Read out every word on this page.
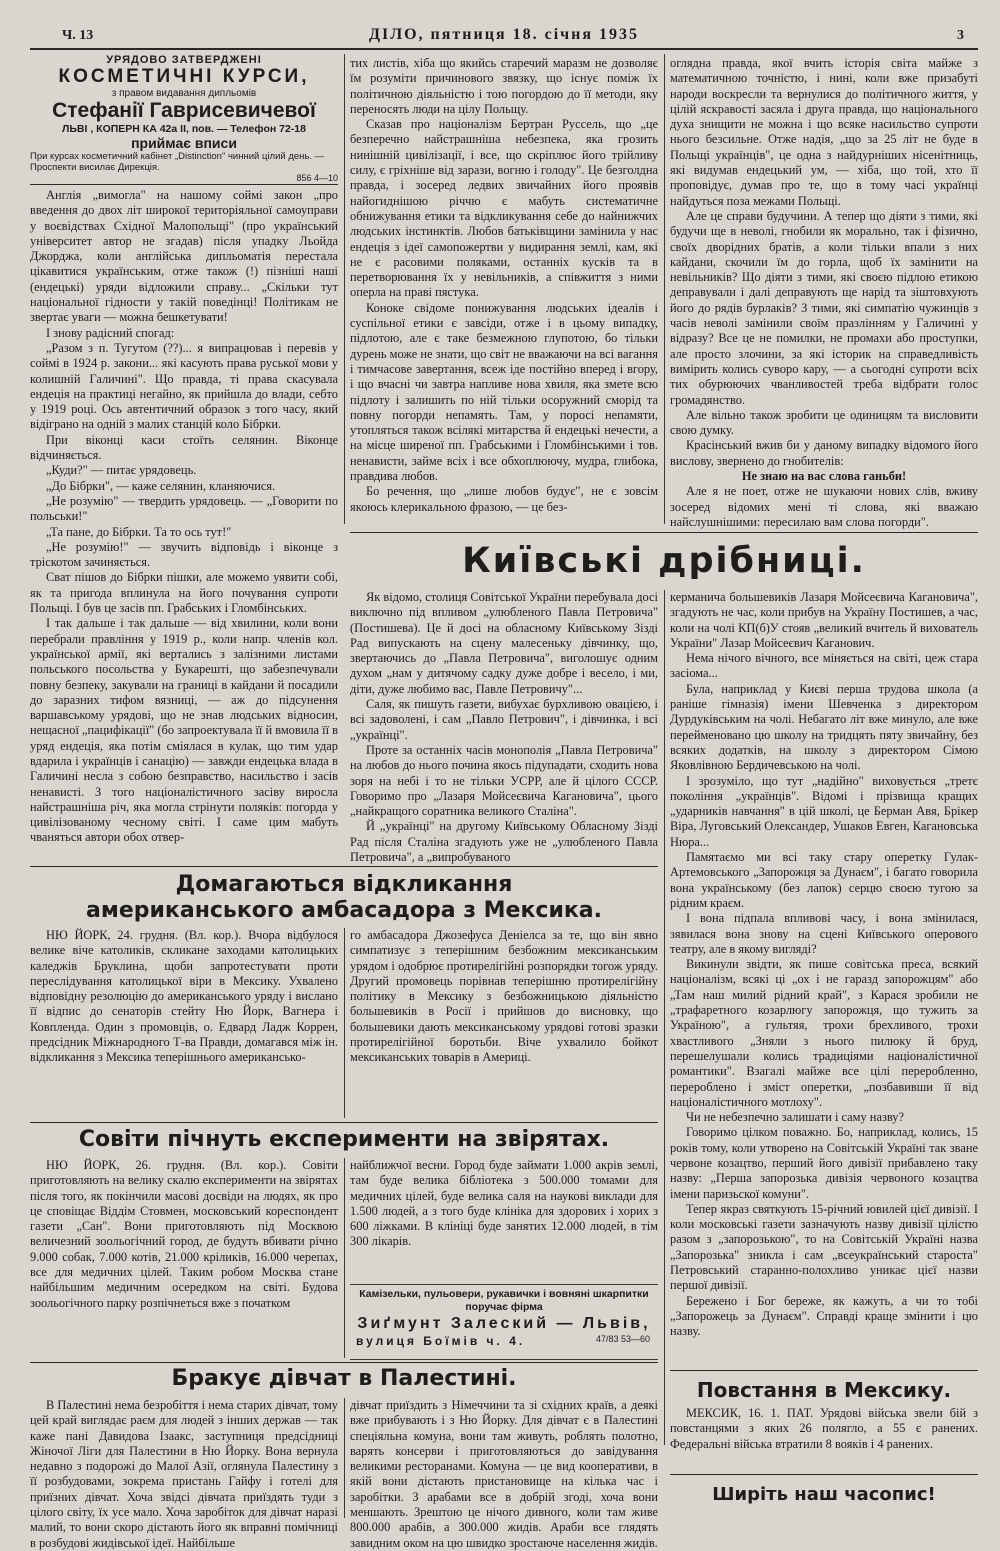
Ч. 13	ДІЛО, пятниця 18. січня 1935	3
УРЯДОВО ЗАТВЕРДЖЕНІ
КОСМЕТИЧНІ КУРСИ,
з правом видавання дипльомів
Стефанії Гаврисевичевої
ЛЬВІ , КОПЕРН КА 42а II, пов. — Телефон 72-18
приймає вписи
При курсах косметичний кабінет „Distinction" чинний цілий день. — Проспекти висилає Дирекція.
856 4—10

Англія „вимогла" на нашому соймі закон „про введення до двох літ широкої територіяльної самоуправи у воєвідствах Східної Малопольщі" (про український університет автор не згадав) після упадку Льойда Джорджа, коли англійська дипльоматія перестала цікавитися українським, отже також (!) пізніші наші (ендецькі) уряди відложили справу... „Скільки тут національної гідности у такій поведінці! Політикам не звертає уваги — можна бешкетувати!

І знову радісний спогад:

„Разом з п. Тугутом (??)... я випрацював і перевів у соймі в 1924 р. закони... які касують права руської мови у колишній Галичині". Що правда, ті права скасувала ендеція на практиці негайно, як прийшла до влади, себто у 1919 році. Ось автентичний образок з того часу, який відіграно на одній з малих станцій коло Бібрки.

При віконці каси стоїть селянин. Віконце відчиняється.

„Куди?" — питає урядовець.

„До Бібрки", — каже селянин, кланяючися.

„Не розумію" — твердить урядовець. — „Говорити по польськи!"

„Та пане, до Бібрки. Та то ось тут!"

„Не розумію!" — звучить відповідь і віконце з тріскотом зачиняється.

Сват пішов до Бібрки пішки, але можемо уявити собі, як та пригода вплинула на його почування супроти Польщі. І був це засів пп. Грабських і Гломбінських.

І так дальше і так дальше — від хвилини, коли вони перебрали правління у 1919 р., коли напр. членів кол. української армії, які вертались з залізними листами польського посольства у Букарешті, що забезпечували повну безпеку, закували на границі в кайдани й посадили до заразних тифом вязниці, — аж до підсунення варшавському урядові, що не знав людських відносин, нещасної „пацифікації" (бо запроектувала її й вмовила її в уряд ендеція, яка потім сміялася в кулак, що тим удар вдарила і українців і санацію) — завжди ендецька влада в Галичині несла з собою безправство, насильство і засів ненависті. З того націоналістичного засіву виросла найстрашніша річ, яка могла стрінути поляків: погорда у цивілізованому чесному світі. І саме цим мабуть чваняться автори обох отвер-

тих листів, хіба що якийсь старечий маразм не дозволяє їм розуміти причинового звязку, що існує поміж їх політичною діяльністю і тою погордою до її методи, яку переносять люди на цілу Польщу.

Сказав про націоналізм Бертран Руссель, що „це безперечно найстрашніша небезпека, яка грозить нинішній цивілізації, і все, що скріплює його трійливу силу, є гріхніше від зарази, вогню і голоду". Це безголдна правда, і зосеред ледвих звичайних його проявів найогиднішою річчю є мабуть систематичне обнижування етики та відкликування себе до найнижчих людських інстинктів. Любов батьківщини замінила у нас ендеція з ідеї самопожертви у видирання землі, кам, які не є расовими поляками, останніх кусків та в перетворювання їх у невільників, а співжиття з ними оперла на праві пястука.

Коноке свідоме понижування людських ідеалів і суспільної етики є завсіди, отже і в цьому випадку, підлотою, але є таке безмежною глупотою, бо тільки дурень може не знати, що світ не вважаючи на всі вагання і тимчасове завертання, всеж іде постійно вперед і вгору, і що вчасні чи завтра напливе нова хвиля, яка змете всю підлоту і залишить по ній тільки осоружний сморід та повну погорди непамять. Там, у поросі непамяти, утопляться також всілякі митарства й ендецькі нечести, а на місце ширеної пп. Грабськими і Гломбінськими і тов. ненависти, займе всіх і все обхоплюючу, мудра, глибока, правдива любов.

Бо речення, що „лише любов будує", не є зовсім якоюсь клерикальною фразою, — це без-

оглядна правда, якої вчить історія світа майже з математичною точністю, і нині, коли вже призабуті народи воскресли та вернулися до політичного життя, у цілій яскравості засяла і друга правда, що національного духа знищити не можна і що всяке насильство супроти нього безсильне. Отже надія, „що за 25 літ не буде в Польщі українців", це одна з найдурніших нісенітниць, які видумав ендецький ум, — хіба, що той, хто її проповідує, думав про те, що в тому часі українці найдуться поза межами Польщі.

Але це справи будучини. А тепер що діяти з тими, які будучи ще в неволі, гнобили як морально, так і фізично, своїх дворідних братів, а коли тільки впали з них кайдани, скочили їм до горла, щоб їх замінити на невільників? Що діяти з тими, які своєю підлою етикою деправували і далі деправують ще нарід та зіштовхують його до рядів бурлаків? З тими, які симпатію чужинців з часів неволі замінили своїм празлінням у Галичині у відразу? Все це не помилки, не промахи або проступки, але просто злочини, за які історик на справедливість вимірить колись суворо кару, — а сьогодні супроти всіх тих обурюючих чванливостей треба відбрати голос громадянство.

Але вільно також зробити це одиницям та висловити свою думку.

Красінський вжив би у даному випадку відомого його вислову, звернено до гнобителів:

Не знаю на вас слова ганьби!

Але я не поет, отже не шукаючи нових слів, вживу зосеред відомих мені ті слова, які вважаю найслушнішими: пересилаю вам слова погорди".

Київські дрібниці.

Як відомо, столиця Совітської України перебувала досі виключно під впливом „улюбленого Павла Петровича" (Постишева). Це й досі на обласному Київському Зізді Рад випускають на сцену малесеньку дівчинку, що, звертаючись до „Павла Петровича", виголошує одним духом „нам у дитячому садку дуже добре і весело, і ми, діти, дуже любимо вас, Павле Петровичу"...

Саля, як пишуть газети, вибухає бурхливою овацією, і всі задоволені, і сам „Павло Петрович", і дівчинка, і всі „українці".

Проте за останніх часів монополія „Павла Петровича" на любов до нього почина якось підупадати, сходить нова зоря на небі і то не тільки УСРР, але й цілого СССР. Говоримо про „Лазаря Мойсеєвича Кагановича", цього „найкращого соратника великого Сталіна".

Й „українці" на другому Київському Обласному Зізді Рад після Сталіна згадують уже не „улюбленого Павла Петровича", а „випробуваного

керманича большевиків Лазаря Мойсеєвича Кагановича", згадують не час, коли прибув на Україну Постишев, а час, коли на чолі КП(б)У стояв „великий вчитель й вихователь України" Лазар Мойсеєвич Каганович.

Нема нічого вічного, все міняється на світі, цеж стара засіома...

Була, наприклад у Києві перша трудова школа (а раніше гімназія) імени Шевченка з директором Дурдуківським на чолі. Небагато літ вже минуло, але вже перейменовано цю школу на тридцять пяту звичайну, без всяких додатків, на школу з директором Сімою Яковлівною Бердичевською на чолі.

І зрозуміло, що тут „надійно" виховується „третє покоління „українців". Відомі і прізвища кращих „ударників навчання" в цій школі, це Берман Авя, Брікер Віра, Луговський Олександер, Ушаков Евген, Кагановська Нюра...

Памятаємо ми всі таку стару оперетку Гулак-Артемовського „Запорожця за Дунаєм", і багато говорила вона українському (без лапок) серцю своєю тугою за рідним краєм.

І вона підпала впливові часу, і вона змінилася, зявилася вона знову на сцені Київського оперового театру, але в якому вигляді?

Викинули звідти, як пише совітська преса, всякий націоналізм, всякі ці „ох і не гаразд запорожцям" або „Там наш милий рідний край", з Карася зробили не „трафаретного козарлюгу запорожця, що тужить за Україною", а гультяя, трохи брехливого, трохи хвастливого „Зняли з нього пилюку й бруд, перешелушали колись традиціями націоналістичної романтики". Взагалі майже все цілі переробленно, перероблено і зміст оперетки, „позбавивши її від націоналістичного мотлоху".

Чи не небезпечно залишати і саму назву?

Говоримо цілком поважно. Бо, наприклад, колись, 15 років тому, коли утворено на Совітській Україні так зване червоне козацтво, перший його дивізії прибавлено таку назву: „Перша запорозька дивізія червоного козацтва імени паризьскої комуни".

Тепер якраз святкують 15-річний ювилей цієї дивізії. І коли московські газети зазначують назву дивізії цілістю разом з „запорозькою", то на Совітській Україні назва „Запорозька" зникла і сам „всеукраїнський староста" Петровський старанно-полохливо уникає цієї назви першої дивізії.

Бережено і Бог береже, як кажуть, а чи то тобі „Запорожець за Дунаєм". Справді краще змінити і цю назву.

Домагаються відкликання
американського амбасадора з Мексика.

НЮ ЙОРК, 24. грудня. (Вл. кор.). Вчора відбулося велике віче католиків, скликане заходами католицьких каледжів Бруклина, щоби запротестувати проти переслідування католицької віри в Мексику. Ухвалено відповідну резолюцію до американського уряду і вислано її відпис до сенаторів стейту Ню Йорк, Вагнера і Ковпленда. Один з промовців, о. Едвард Ладж Коррен, предсідник Міжнародного Т-ва Правди, домагався між ін. відкликання з Мексика теперішнього американсько-

го амбасадора Джозефуса Деніелса за те, що він явно симпатизує з теперішним безбожним мексиканським урядом і одобрює протирелігійні розпорядки тогож уряду. Другий промовець порівнав теперішню протирелігійну політику в Мексику з безбожницькою діяльністю большевиків в Росії і прийшов до висновку, що большевики дають мексиканському урядові готові зразки протирелігійної боротьби. Віче ухвалило бойкот мексиканських товарів в Америці.

Совіти пічнуть експерименти на звірятах.

НЮ ЙОРК, 26. грудня. (Вл. кор.). Совіти приготовляють на велику скалю експерименти на звірятах після того, як покінчили масові досвіди на людях, як про це сповіщає Віддім Стовмен, московський кореспондент газети „Сан". Вони приготовляють під Москвою величезний зоольогічний город, де будуть вбивати річно 9.000 собак, 7.000 котів, 21.000 кріликів, 16.000 черепах, все для медичних цілей. Таким робом Москва стане найбільшим медичним осередком на світі. Будова зоольогічного парку розпічнеться вже з початком

найближчої весни. Город буде займати 1.000 акрів землі, там буде велика бібліотека з 500.000 томами для медичних цілей, буде велика саля на наукові виклади для 1.500 людей, а з того буде клініка для здорових і хорих з 600 ліжками. В клініці буде занятих 12.000 людей, в тім 300 лікарів.

Камізельки, пульовери, рукавички і вовняні шкарпитки поручає фірма
Зиґмунт Залеский — Львів,
вулиця Боїмів ч. 4.	47/83 53—60
Бракує дівчат в Палестині.

В Палестині нема безробіття і нема старих дівчат, тому цей край виглядає раєм для людей з інших держав — так каже пані Давидова Ізаакс, заступниця предсідниці Жіночої Ліги для Палестини в Ню Йорку. Вона вернула недавно з подорожі до Малої Азії, оглянула Палестину з її розбудовами, зокрема пристань Гайфу і готелі для приїзних дівчат. Хоча звідсі дівчата приїздять туди з цілого світу, їх усе мало. Хоча заробіток для дівчат наразі малий, то вони скоро дістають його як вправні помічниці в розбудові жидівської ідеї. Найбільше

дівчат приїздить з Німеччини та зі східних країв, а деякі вже прибувають і з Ню Йорку. Для дівчат є в Палестині спеціяльна комуна, вони там живуть, роблять полотно, варять консерви і приготовляються до завідування великими ресторанами. Комуна — це вид кооперативи, в якій вони дістають пристановище на кілька час і заробітки. З арабами все в добрій згоді, хоча вони меншають. Зрештою це нічого дивного, коли там живе 800.000 арабів, а 300.000 жидів. Араби все глядять завидним оком на цю швидко зростаюче населення жидів.

Повстання в Мексику.

МЕКСИК, 16. 1. ПАТ. Урядові війська звели бій з повстанцями з яких 26 полягло, а 55 є ранених. Федеральні війська втратили 8 вояків і 4 ранених.

Ширіть наш часопис!
